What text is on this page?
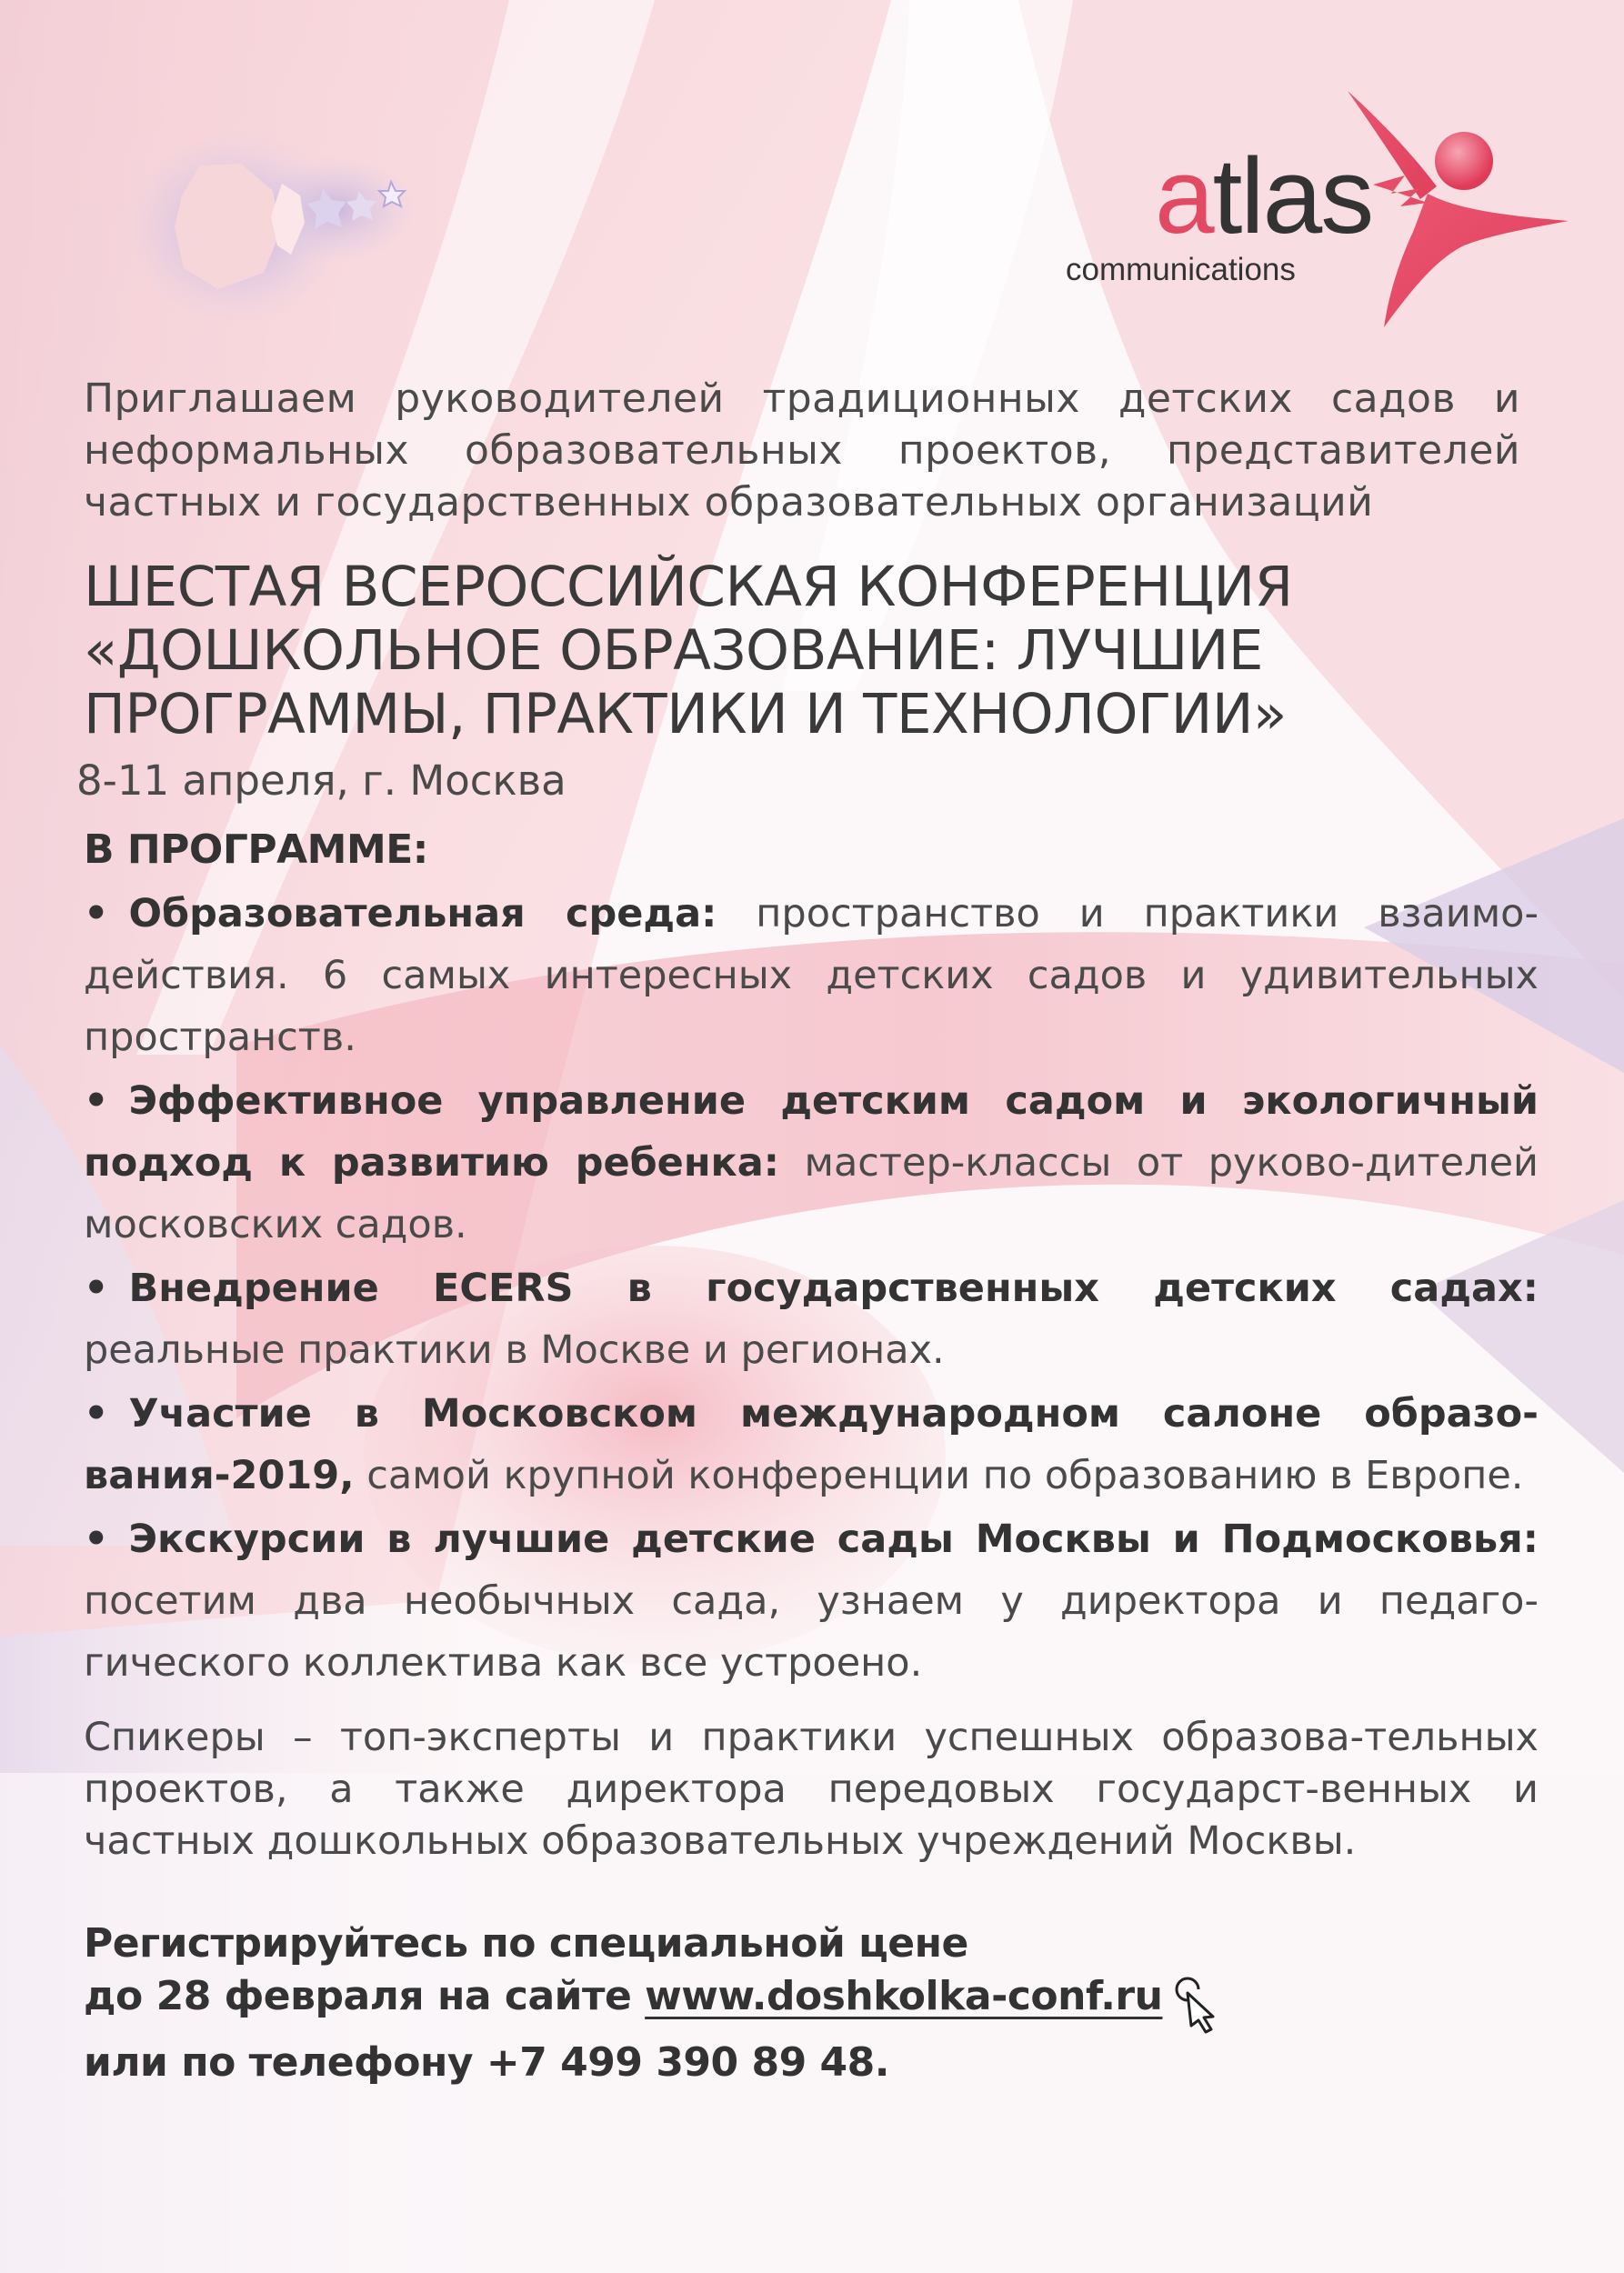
atlas
communications
Приглашаем руководителей традиционных детских садов и неформальных образовательных проектов, представителей частных и государственных образовательных организаций
ШЕСТАЯ ВСЕРОССИЙСКАЯ КОНФЕРЕНЦИЯ
«ДОШКОЛЬНОЕ ОБРАЗОВАНИЕ: ЛУЧШИЕ
ПРОГРАММЫ, ПРАКТИКИ И ТЕХНОЛОГИИ»
8-11 апреля, г. Москва
В ПРОГРАММЕ:
• Образовательная среда: пространство и практики взаимо-действия. 6 самых интересных детских садов и удивительных пространств.
• Эффективное управление детским садом и экологичный подход к развитию ребенка: мастер-классы от руково-дителей московских садов.
• Внедрение ECERS в государственных детских садах: реальные практики в Москве и регионах.
• Участие в Московском международном салоне образо-вания-2019, самой крупной конференции по образованию в Европе.
• Экскурсии в лучшие детские сады Москвы и Подмосковья: посетим два необычных сада, узнаем у директора и педаго-гического коллектива как все устроено.
Спикеры – топ-эксперты и практики успешных образова-тельных проектов, а также директора передовых государст-венных и частных дошкольных образовательных учреждений Москвы.
Регистрируйтесь по специальной цене
до 28 февраля на сайте www.doshkolka-conf.ru
или по телефону +7 499 390 89 48.
